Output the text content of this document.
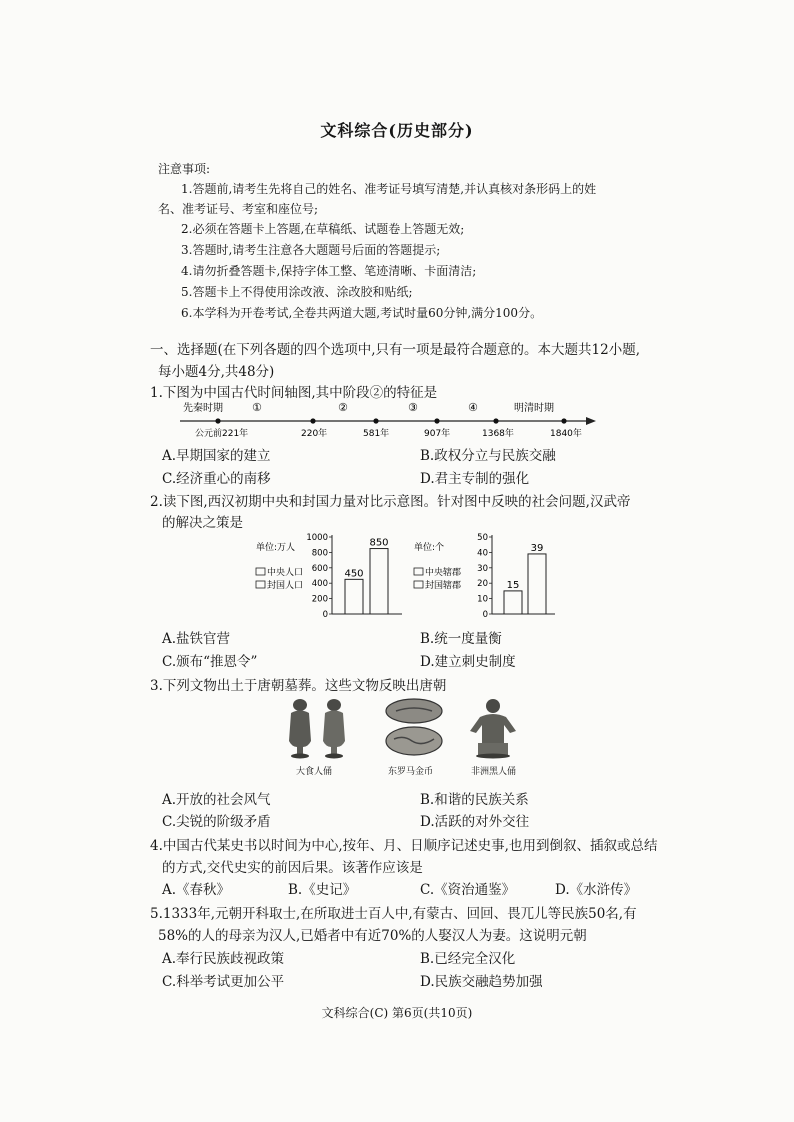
文科综合(历史部分)
注意事项:
1.答题前,请考生先将自己的姓名、准考证号填写清楚,并认真核对条形码上的姓
名、准考证号、考室和座位号;
2.必须在答题卡上答题,在草稿纸、试题卷上答题无效;
3.答题时,请考生注意各大题题号后面的答题提示;
4.请勿折叠答题卡,保持字体工整、笔迹清晰、卡面清洁;
5.答题卡上不得使用涂改液、涂改胶和贴纸;
6.本学科为开卷考试,全卷共两道大题,考试时量60分钟,满分100分。
一、选择题(在下列各题的四个选项中,只有一项是最符合题意的。本大题共12小题,
每小题4分,共48分)
1.下图为中国古代时间轴图,其中阶段②的特征是
先秦时期	①	②	③	④	明清时期
公元前221年	220年	581年	907年	1368年	1840年
A.早期国家的建立	B.政权分立与民族交融
C.经济重心的南移	D.君主专制的强化
2.读下图,西汉初期中央和封国力量对比示意图。针对图中反映的社会问题,汉武帝
的解决之策是
单位:万人
中央人口
封国人口
0
200
400
600
800
1000
450
850	单位:个
中央辖郡
封国辖郡
0
10
20
30
40
50
15
39
A.盐铁官营	B.统一度量衡
C.颁布“推恩令”	D.建立刺史制度
3.下列文物出土于唐朝墓葬。这些文物反映出唐朝
大食人俑	东罗马金币	非洲黑人俑
A.开放的社会风气	B.和谐的民族关系
C.尖锐的阶级矛盾	D.活跃的对外交往
4.中国古代某史书以时间为中心,按年、月、日顺序记述史事,也用到倒叙、插叙或总结
的方式,交代史实的前因后果。该著作应该是
A.《春秋》	B.《史记》	C.《资治通鉴》	D.《水浒传》
5.1333年,元朝开科取士,在所取进士百人中,有蒙古、回回、畏兀儿等民族50名,有
58%的人的母亲为汉人,已婚者中有近70%的人娶汉人为妻。这说明元朝
A.奉行民族歧视政策	B.已经完全汉化
C.科举考试更加公平	D.民族交融趋势加强
文科综合(C) 第6页(共10页)
